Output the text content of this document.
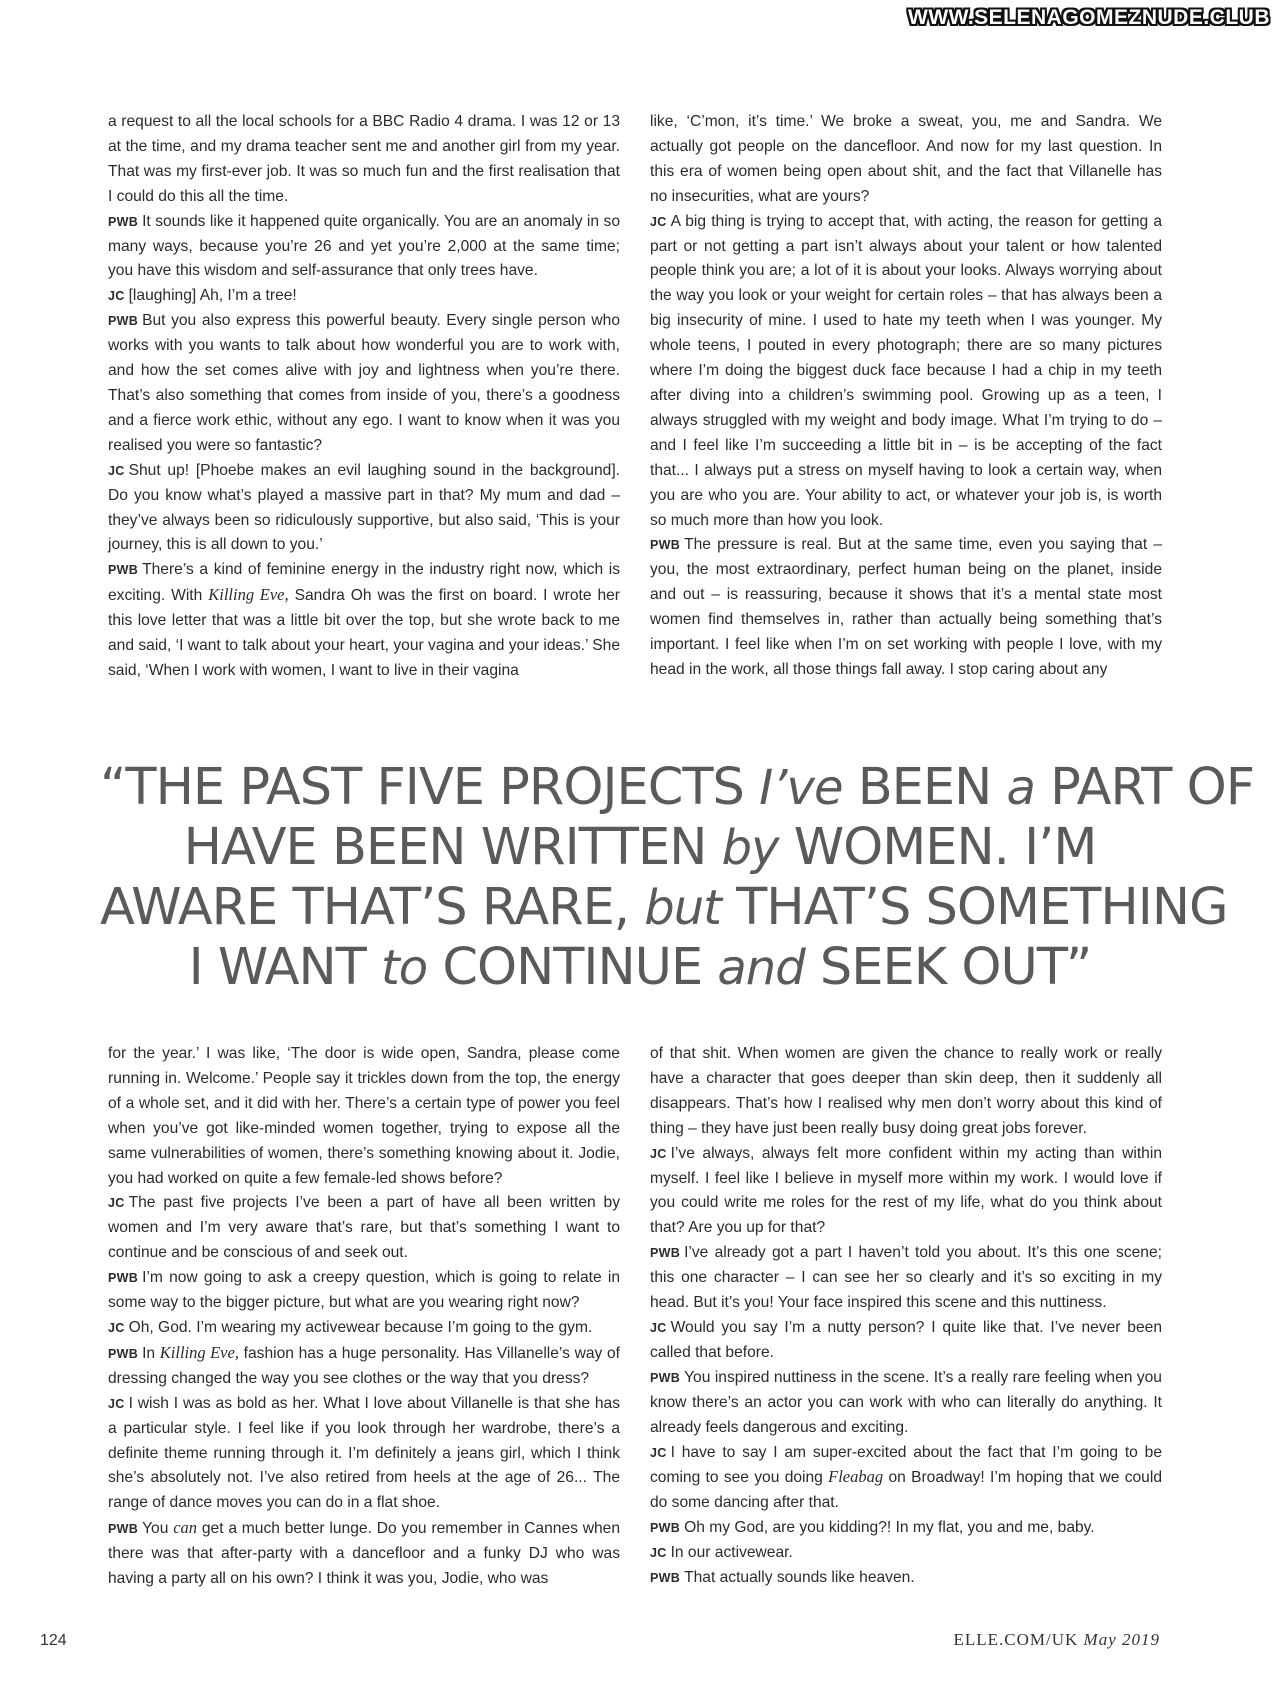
WWW.SELENAGOMEZNUDE.CLUB

a request to all the local schools for a BBC Radio 4 drama. I was 12 or 13 at the time, and my drama teacher sent me and another girl from my year. That was my first-ever job. It was so much fun and the first realisation that I could do this all the time.

PWB It sounds like it happened quite organically. You are an anomaly in so many ways, because you’re 26 and yet you’re 2,000 at the same time; you have this wisdom and self-assurance that only trees have.

JC [laughing] Ah, I’m a tree!

PWB But you also express this powerful beauty. Every single person who works with you wants to talk about how wonderful you are to work with, and how the set comes alive with joy and lightness when you’re there. That’s also something that comes from inside of you, there’s a goodness and a fierce work ethic, without any ego. I want to know when it was you realised you were so fantastic?

JC Shut up! [Phoebe makes an evil laughing sound in the background]. Do you know what’s played a massive part in that? My mum and dad – they’ve always been so ridiculously supportive, but also said, ‘This is your journey, this is all down to you.’

PWB There’s a kind of feminine energy in the industry right now, which is exciting. With Killing Eve, Sandra Oh was the first on board. I wrote her this love letter that was a little bit over the top, but she wrote back to me and said, ‘I want to talk about your heart, your vagina and your ideas.’ She said, ‘When I work with women, I want to live in their vagina

like, ‘C’mon, it’s time.’ We broke a sweat, you, me and Sandra. We actually got people on the dancefloor. And now for my last question. In this era of women being open about shit, and the fact that Villanelle has no insecurities, what are yours?

JC A big thing is trying to accept that, with acting, the reason for getting a part or not getting a part isn’t always about your talent or how talented people think you are; a lot of it is about your looks. Always worrying about the way you look or your weight for certain roles – that has always been a big insecurity of mine. I used to hate my teeth when I was younger. My whole teens, I pouted in every photograph; there are so many pictures where I’m doing the biggest duck face because I had a chip in my teeth after diving into a children’s swimming pool. Growing up as a teen, I always struggled with my weight and body image. What I’m trying to do – and I feel like I’m succeeding a little bit in – is be accepting of the fact that... I always put a stress on myself having to look a certain way, when you are who you are. Your ability to act, or whatever your job is, is worth so much more than how you look.

PWB The pressure is real. But at the same time, even you saying that – you, the most extraordinary, perfect human being on the planet, inside and out – is reassuring, because it shows that it’s a mental state most women find themselves in, rather than actually being something that’s important. I feel like when I’m on set working with people I love, with my head in the work, all those things fall away. I stop caring about any

“THE PAST FIVE PROJECTS I’ve BEEN a PART OF
HAVE BEEN WRITTEN by WOMEN. I’M
AWARE THAT’S RARE, but THAT’S SOMETHING
I WANT to CONTINUE and SEEK OUT”

for the year.’ I was like, ‘The door is wide open, Sandra, please come running in. Welcome.’ People say it trickles down from the top, the energy of a whole set, and it did with her. There’s a certain type of power you feel when you’ve got like-minded women together, trying to expose all the same vulnerabilities of women, there’s something knowing about it. Jodie, you had worked on quite a few female-led shows before?

JC The past five projects I’ve been a part of have all been written by women and I’m very aware that’s rare, but that’s something I want to continue and be conscious of and seek out.

PWB I’m now going to ask a creepy question, which is going to relate in some way to the bigger picture, but what are you wearing right now?

JC Oh, God. I’m wearing my activewear because I’m going to the gym.

PWB In Killing Eve, fashion has a huge personality. Has Villanelle’s way of dressing changed the way you see clothes or the way that you dress?

JC I wish I was as bold as her. What I love about Villanelle is that she has a particular style. I feel like if you look through her wardrobe, there’s a definite theme running through it. I’m definitely a jeans girl, which I think she’s absolutely not. I’ve also retired from heels at the age of 26... The range of dance moves you can do in a flat shoe.

PWB You can get a much better lunge. Do you remember in Cannes when there was that after-party with a dancefloor and a funky DJ who was having a party all on his own? I think it was you, Jodie, who was

of that shit. When women are given the chance to really work or really have a character that goes deeper than skin deep, then it suddenly all disappears. That’s how I realised why men don’t worry about this kind of thing – they have just been really busy doing great jobs forever.

JC I’ve always, always felt more confident within my acting than within myself. I feel like I believe in myself more within my work. I would love if you could write me roles for the rest of my life, what do you think about that? Are you up for that?

PWB I’ve already got a part I haven’t told you about. It’s this one scene; this one character – I can see her so clearly and it’s so exciting in my head. But it’s you! Your face inspired this scene and this nuttiness.

JC Would you say I’m a nutty person? I quite like that. I’ve never been called that before.

PWB You inspired nuttiness in the scene. It’s a really rare feeling when you know there’s an actor you can work with who can literally do anything. It already feels dangerous and exciting.

JC I have to say I am super-excited about the fact that I’m going to be coming to see you doing Fleabag on Broadway! I’m hoping that we could do some dancing after that.

PWB Oh my God, are you kidding?! In my flat, you and me, baby.

JC In our activewear.

PWB That actually sounds like heaven.

124	ELLE.COM/UK May 2019
